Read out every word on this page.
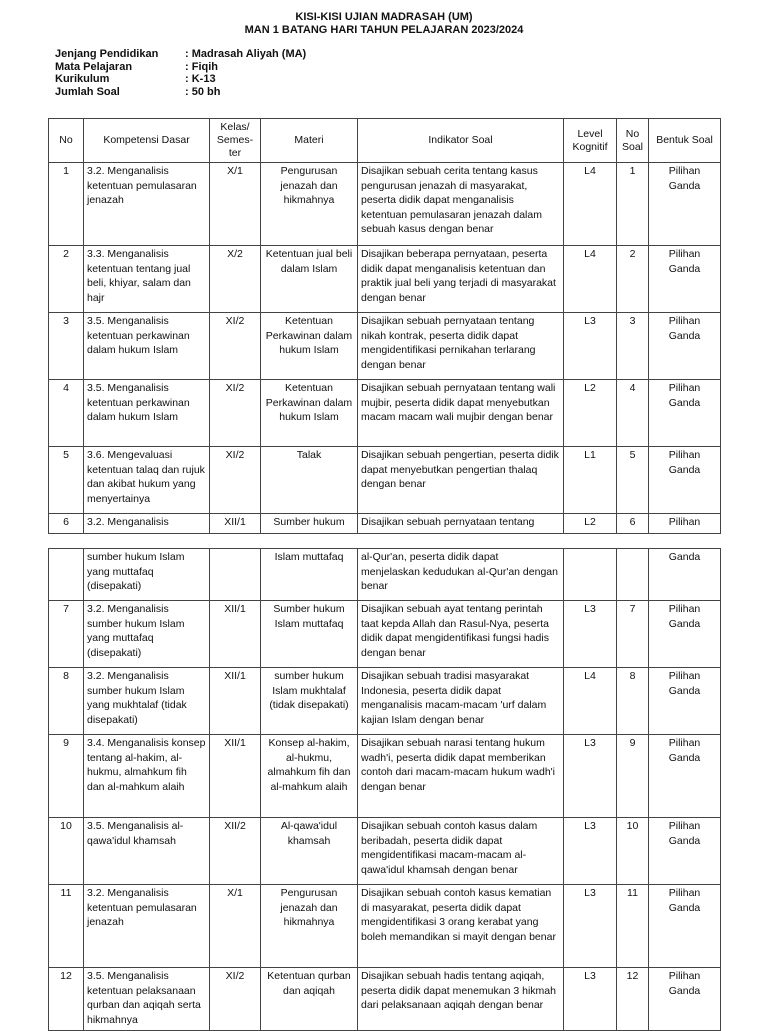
KISI-KISI UJIAN MADRASAH (UM)
MAN 1 BATANG HARI TAHUN PELAJARAN 2023/2024
Jenjang Pendidikan	: Madrasah Aliyah (MA)
Mata Pelajaran	: Fiqih
Kurikulum	: K-13
Jumlah Soal	: 50 bh
No	Kompetensi Dasar	Kelas/ Semes- ter	Materi	Indikator Soal	Level Kognitif	No Soal	Bentuk Soal
1	3.2. Menganalisis ketentuan pemulasaran jenazah	X/1	Pengurusan jenazah dan hikmahnya	Disajikan sebuah cerita tentang kasus pengurusan jenazah di masyarakat, peserta didik dapat menganalisis ketentuan pemulasaran jenazah dalam sebuah kasus dengan benar	L4	1	Pilihan Ganda
2	3.3. Menganalisis ketentuan tentang jual beli, khiyar, salam dan hajr	X/2	Ketentuan jual beli dalam Islam	Disajikan beberapa pernyataan, peserta didik dapat menganalisis ketentuan dan praktik jual beli yang terjadi di masyarakat dengan benar	L4	2	Pilihan Ganda
3	3.5. Menganalisis ketentuan perkawinan dalam hukum Islam	XI/2	Ketentuan Perkawinan dalam hukum Islam	Disajikan sebuah pernyataan tentang nikah kontrak, peserta didik dapat mengidentifikasi pernikahan terlarang dengan benar	L3	3	Pilihan Ganda
4	3.5. Menganalisis ketentuan perkawinan dalam hukum Islam	XI/2	Ketentuan Perkawinan dalam hukum Islam	Disajikan sebuah pernyataan tentang wali mujbir, peserta didik dapat menyebutkan macam macam wali mujbir dengan benar	L2	4	Pilihan Ganda
5	3.6. Mengevaluasi ketentuan talaq dan rujuk dan akibat hukum yang menyertainya	XI/2	Talak	Disajikan sebuah pengertian, peserta didik dapat menyebutkan pengertian thalaq dengan benar	L1	5	Pilihan Ganda
6	3.2. Menganalisis	XII/1	Sumber hukum	Disajikan sebuah pernyataan tentang	L2	6	Pilihan
	sumber hukum Islam yang muttafaq (disepakati)		Islam muttafaq	al-Qur'an, peserta didik dapat menjelaskan kedudukan al-Qur'an dengan benar			Ganda
7	3.2. Menganalisis sumber hukum Islam yang muttafaq (disepakati)	XII/1	Sumber hukum Islam muttafaq	Disajikan sebuah ayat tentang perintah taat kepda Allah dan Rasul-Nya, peserta didik dapat mengidentifikasi fungsi hadis dengan benar	L3	7	Pilihan Ganda
8	3.2. Menganalisis sumber hukum Islam yang mukhtalaf (tidak disepakati)	XII/1	sumber hukum Islam mukhtalaf (tidak disepakati)	Disajikan sebuah tradisi masyarakat Indonesia, peserta didik dapat menganalisis macam-macam 'urf dalam kajian Islam dengan benar	L4	8	Pilihan Ganda
9	3.4. Menganalisis konsep tentang al-hakim, al-hukmu, almahkum fih dan al-mahkum alaih	XII/1	Konsep al-hakim, al-hukmu, almahkum fih dan al-mahkum alaih	Disajikan sebuah narasi tentang hukum wadh'i, peserta didik dapat memberikan contoh dari macam-macam hukum wadh'i dengan benar	L3	9	Pilihan Ganda
10	3.5. Menganalisis al-qawa'idul khamsah	XII/2	Al-qawa'idul khamsah	Disajikan sebuah contoh kasus dalam beribadah, peserta didik dapat mengidentifikasi macam-macam al-qawa'idul khamsah dengan benar	L3	10	Pilihan Ganda
11	3.2. Menganalisis ketentuan pemulasaran jenazah	X/1	Pengurusan jenazah dan hikmahnya	Disajikan sebuah contoh kasus kematian di masyarakat, peserta didik dapat mengidentifikasi 3 orang kerabat yang boleh memandikan si mayit dengan benar	L3	11	Pilihan Ganda
12	3.5. Menganalisis ketentuan pelaksanaan qurban dan aqiqah serta hikmahnya	XI/2	Ketentuan qurban dan aqiqah	Disajikan sebuah hadis tentang aqiqah, peserta didik dapat menemukan 3 hikmah dari pelaksanaan aqiqah dengan benar	L3	12	Pilihan Ganda
